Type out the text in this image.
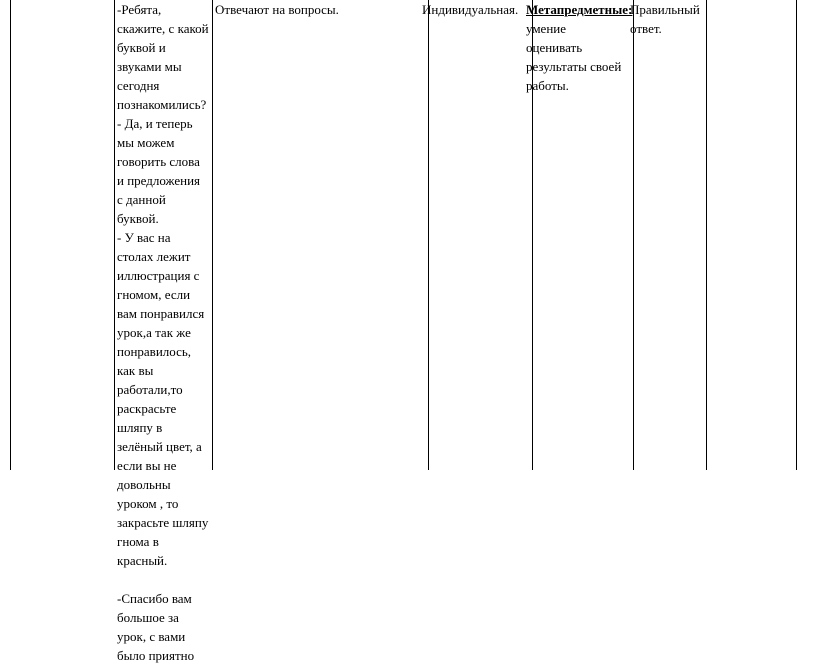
-Ребята, скажите, с какой буквой и звуками мы сегодня познакомились?
- Да, и теперь мы можем говорить слова и предложения с данной буквой.
- У вас на столах лежит иллюстрация с гномом, если вам понравился урок,а так же понравилось, как вы работали,то раскрасьте шляпу в зелёный цвет, а если вы не довольны уроком , то закрасьте шляпу гнома в красный.
-Спасибо вам большое за урок, с вами было приятно
Отвечают на вопросы.	Индивидуальная. Метапредметные: умение оценивать результаты своей работы.
Правильный ответ.
